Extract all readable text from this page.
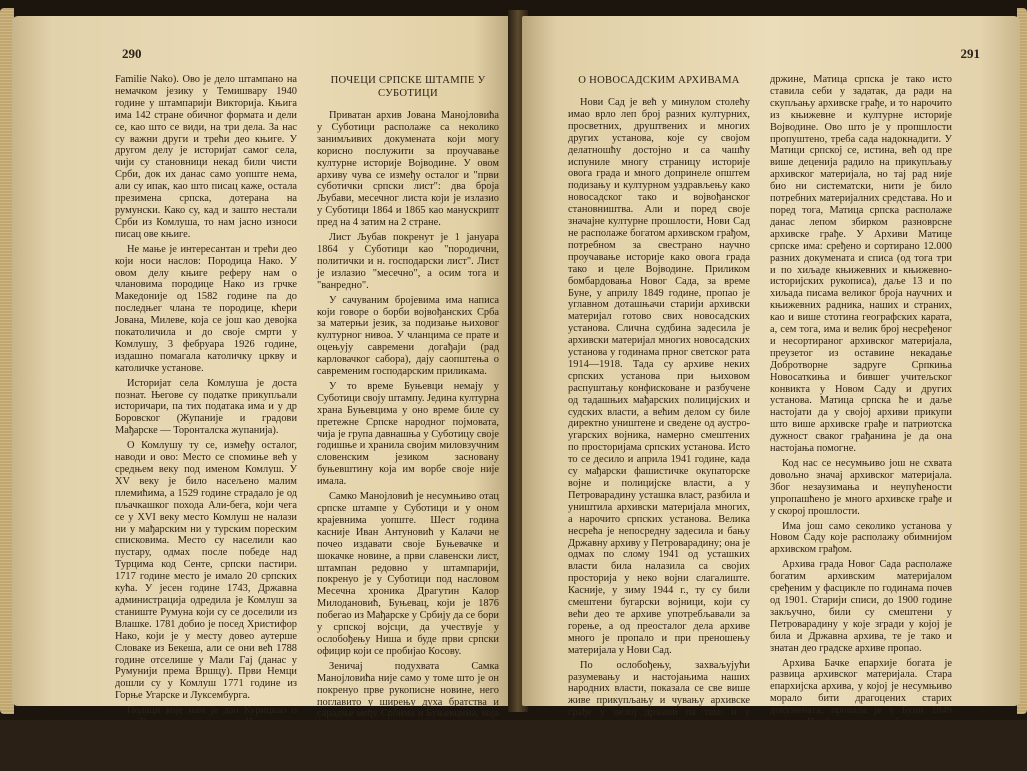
290

Familie Nako). Ово је дело штампано на немачком језику у Темишвару 1940 године у штампарији Викторија. Књига има 142 стране обичног формата и дели се, као што се види, на три дела. За нас су важни други и трећи део књиге. У другом делу је историјат самог села, чији су становници некад били чисти Срби, док их данас само уопште нема, али су ипак, као што писац каже, остала презимена српска, дотерана на румунски. Како су, кад и зашто нестали Срби из Комлуша, то нам јасно износи писац ове књиге.

Не мање је интересантан и трећи део који носи наслов: Породица Нако. У овом делу књиге реферу нам о члановима породице Нако из грчке Македоније од 1582 године па до последњег члана те породице, кћери Јована, Милеве, која се још као девојка покатоличила и до своје смрти у Комлушу, 3 фебруара 1926 године, издашно помагала католичку цркву и католичке установе.

Историјат села Комлуша је доста познат. Његове су податке прикупљали историчари, па тих података има и у др Боровског (Жупаније и градови Мађарске — Торонталска жупанија).

О Комлушу ту се, између осталог, наводи и ово: Место се спомиње већ у средњем веку под именом Комлуш. У XV веку је било насељено малим племићима, а 1529 године страдало је од пљачкашког похода Али-бега, који чега се у XVI веку место Комлуш не налази ни у мађарским ни у турским пореским списковима. Место су населили као пустару, одмах после победе над Турцима код Сенте, српски пастири. 1717 године место је имало 20 српских кућа. У јесен године 1743, Државна администрација одредила је Комлуш за станиште Румуна који су се доселили из Влашке. 1781 добио је посед Христифор Нако, који је у месту довео аутерше Словаке из Бекеша, али се они већ 1788 године отселише у Мали Гај (данас у Румунији према Вршцу). Први Немци дошли су у Комлуш 1771 године из Горње Угарске и Луксембурга.

Подаци које нам је дао Курицкао о селу Комлушу и породици Нако имају значаја за нас јер и из њих видимо где смо и како некад живели.

Миливој Јовановић
ПОЧЕЦИ СРПСКЕ ШТАМПЕ У СУБОТИЦИ

Приватан архив Јована Манојловића у Суботици располаже са неколико занимљивих докумената који могу корисно послужити за проучавање културне историје Војводине. У овом архиву чува се између осталог и "први суботички српски лист": два броја Љубави, месечног листа који је излазио у Суботици 1864 и 1865 као манускрипт пред на 4 затим на 2 стране.

Лист Љубав покренут је 1 јануара 1864 у Суботици као "породични, политички и н. господарски лист". Лист је излазио "месечно", а осим тога и "ванредно".

У сачуваним бројевима има написа који говоре о борби војвођанских Срба за матерњи језик, за подизање њиховог културног нивоа. У чланцима се прате и оцењују савремени догађаји (рад карловачког сабора), дају саопштења о савременим господарским приликама.

У то време Буњевци немају у Суботици своју штампу. Једина културна храна Буњевцима у оно време биле су претежне Српске народног појмовата, чија је група давнашња у Суботицу своје годишње и хранила својим миловзучним словенским језиком засновану буњевштину која им ворбе своје није имала.

Самко Манојловић је несумњиво отац српске штампе у Суботици и у оном крајевнима уопште. Шест година касније Иван Антуновић у Калачи не почео издавати своје Буњевачке и шокачке новине, а први славенски лист, штампан редовно у штампарији, покренуо је у Суботици под насловом Месечна хроника Драгутин Калор Милодановић, Буњевац, који је 1876 побегао из Мађарске у Србију да се бори у српској војсци, да учествује у ослобођењу Ниша и буде први српски официр који се пробијао Косову.

Зеничај подухвата Самка Манојловића није само у томе што је он покренуо прве рукописне новине, него поглавито у ширењу духа братства и сарадње међу Србима и Буњевцима, која је коначно тријумфовао у нашој народној држави.

Јосо Шокчић
291
О НОВОСАДСКИМ АРХИВАМА

Нови Сад је већ у минулом столећу имао врло леп број разних културних, просветних, друштвених и многих других установа, које су својом делатношћу достојно и са чашћу испуниле многу страницу историје овога града и много допринеле општем подизању и културном уздрављењу како новосадског тако и војвођанског становништва. Али и поред своје значајне културне прошлости, Нови Сад не располаже богатом архивском грађом, потребном за свестрано научно проучавање историје како овога града тако и целе Војводине. Приликом бомбардовања Новог Сада, за време Буне, у априлу 1849 године, пропао је углавном доташњачи старији архивски материјал готово свих новосадских установа. Слична судбина задесила је архивски материјал многих новосадских установа у годинама прног светског рата 1914—1918. Тада су архиве неких српских установа при њиховом распуштању конфисковане и разбучене од тадашњих мађарских полицијских и судских власти, а већим делом су биле директно уништене и сведене од аустро-угарских војника, намерно смештених по просторијама српских установа. Исто то се десило и априла 1941 године, када су мађарски фашистичке окупаторске војне и полицијске власти, а у Петроварадину усташка власт, разбила и уништила архивски материјала многих, а нарочито српских установа. Велика несрећа је непосредну задесила и бању Државну архиву у Петроварадину; она је одмах по слому 1941 од усташких власти била налазила са својих просторија у неко војни слагалиште. Касније, у зиму 1944 г., ту су били смештени бугарски војници, који су већи део те архиве употребљавали за горење, а од преосталог дела архиве много је пропало и при преношењу материјала у Нови Сад.

По ослобођењу, захваљујући разумевању и настојањима наших народних власти, показала се све више живе прикупљању и чувању архивске грађе у целој држави па тако и у Војводини. У Новом Саду поред Војвођанске архиве у којој се углавном сабира и чува архивски материјал политичко-управне и опште културне са-

држине, Матица српска је тако исто ставила себи у задатак, да ради на скупљању архивске грађе, и то нарочито из књижевне и културне историје Војводине. Ово што је у пропшлости пропуштено, треба сада надокнадити. У Матици српској се, истина, већ од пре више деценија радило на прикупљању архивског материјала, но тај рад није био ни систематски, нити је било потребних материјалних средстава. Но и поред тога, Матица српска располаже данас лепом збирком разноврсне архивске грађе. У Архиви Матице српске има: сређено и сортирано 12.000 разних докумената и списа (од тога три и по хиљаде књижевних и књижевно-историјских рукописа), даље 13 и по хиљада писама великог броја научних и књижевних радника, наших и страних, као и више стотина географских карата, а, сем тога, има и велик број несређеног и несортираног архивског материјала, преузетог из оставине некадање Добротворне задруге Српкиња Новосаткиња и бившег учитељског конвикта у Новом Саду и других установа. Матица српска ће и даље настојати да у својој архиви прикупи што више архивске грађе и патриотска дужност сваког грађанина је да она настојања помогне.

Код нас се несумњиво још не схвата довољно значај архивског материјала. Због незаузимања и неупућености упропашћено је много архивске грађе и у скорој прошлости.

Има још само секолико установа у Новом Саду које располажу обимнијом архивском грађом.

Архива града Новог Сада располаже богатим архивским материјалом сређеним у фасцикле по годинама почев од 1901. Старији списи, до 1900 године закључно, били су смештени у Петроварадину у које згради у којој је била и Државна архива, те је тако и знатан део градске архиве пропао.

Архива Бачке епархије богата је развица архивског материјала. Стара епархијска архива, у којој је несумњиво морало бити драгоцених старих докумената, пропала је у Буни 1849 године. Прибирања архива је почето од 1895 године; њихов број износи око 25.000. Ова архива је добро сештена но није сређена.
